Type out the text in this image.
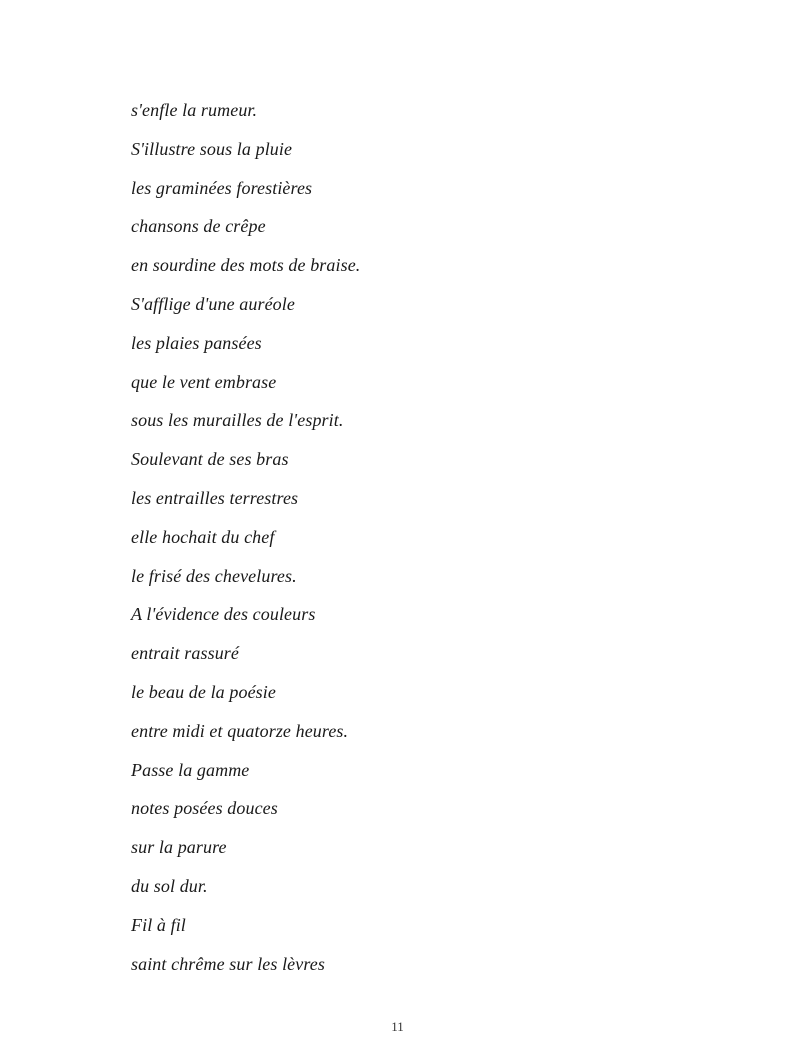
s'enfle la rumeur.
S'illustre sous la pluie
les graminées forestières
chansons de crêpe
en sourdine des mots de braise.
S'afflige d'une auréole
les plaies pansées
que le vent embrase
sous les murailles de l'esprit.
Soulevant de ses bras
les entrailles terrestres
elle hochait du chef
le frisé des chevelures.
A l'évidence des couleurs
entrait rassuré
le beau de la poésie
entre midi et quatorze heures.
Passe la gamme
notes posées douces
sur la parure
du sol dur.
Fil à fil
saint chrême sur les lèvres
11
